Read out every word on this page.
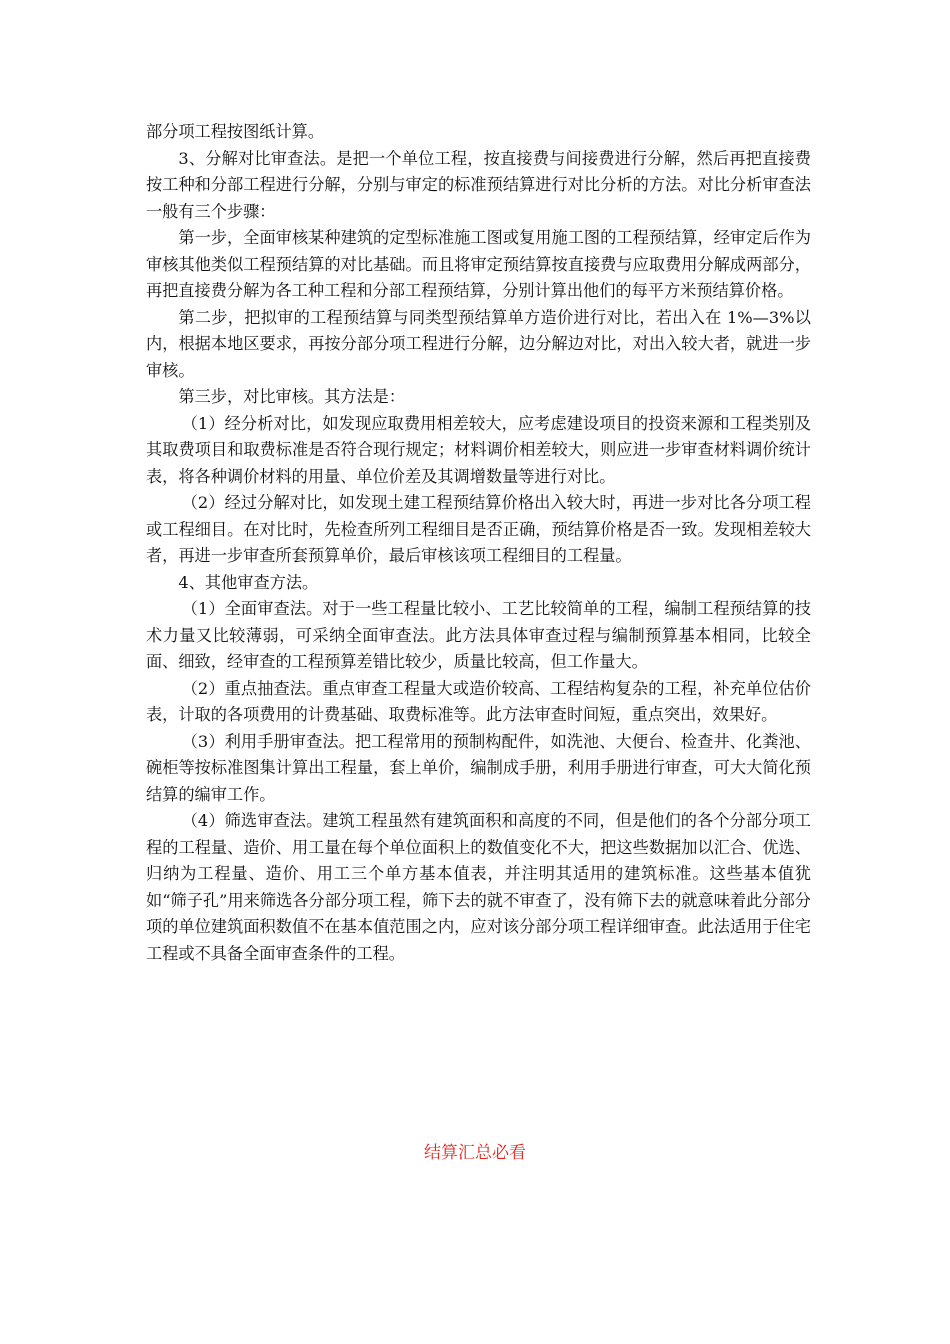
部分项工程按图纸计算。

3、分解对比审查法。是把一个单位工程，按直接费与间接费进行分解，然后再把直接费按工种和分部工程进行分解，分别与审定的标准预结算进行对比分析的方法。对比分析审查法一般有三个步骤：

第一步，全面审核某种建筑的定型标准施工图或复用施工图的工程预结算，经审定后作为审核其他类似工程预结算的对比基础。而且将审定预结算按直接费与应取费用分解成两部分，再把直接费分解为各工种工程和分部工程预结算，分别计算出他们的每平方米预结算价格。

第二步，把拟审的工程预结算与同类型预结算单方造价进行对比，若出入在 1%—3%以内，根据本地区要求，再按分部分项工程进行分解，边分解边对比，对出入较大者，就进一步审核。

第三步，对比审核。其方法是：

（1）经分析对比，如发现应取费用相差较大，应考虑建设项目的投资来源和工程类别及其取费项目和取费标准是否符合现行规定；材料调价相差较大，则应进一步审查材料调价统计表，将各种调价材料的用量、单位价差及其调增数量等进行对比。

（2）经过分解对比，如发现土建工程预结算价格出入较大时，再进一步对比各分项工程或工程细目。在对比时，先检查所列工程细目是否正确，预结算价格是否一致。发现相差较大者，再进一步审查所套预算单价，最后审核该项工程细目的工程量。

4、其他审查方法。

（1）全面审查法。对于一些工程量比较小、工艺比较简单的工程，编制工程预结算的技术力量又比较薄弱，可采纳全面审查法。此方法具体审查过程与编制预算基本相同，比较全面、细致，经审查的工程预算差错比较少，质量比较高，但工作量大。

（2）重点抽查法。重点审查工程量大或造价较高、工程结构复杂的工程，补充单位估价表，计取的各项费用的计费基础、取费标准等。此方法审查时间短，重点突出，效果好。

（3）利用手册审查法。把工程常用的预制构配件，如洗池、大便台、检查井、化粪池、碗柜等按标准图集计算出工程量，套上单价，编制成手册，利用手册进行审查，可大大简化预结算的编审工作。

（4）筛选审查法。建筑工程虽然有建筑面积和高度的不同，但是他们的各个分部分项工程的工程量、造价、用工量在每个单位面积上的数值变化不大，把这些数据加以汇合、优选、归纳为工程量、造价、用工三个单方基本值表，并注明其适用的建筑标准。这些基本值犹如“筛子孔”用来筛选各分部分项工程，筛下去的就不审查了，没有筛下去的就意味着此分部分项的单位建筑面积数值不在基本值范围之内，应对该分部分项工程详细审查。此法适用于住宅工程或不具备全面审查条件的工程。

结算汇总必看
